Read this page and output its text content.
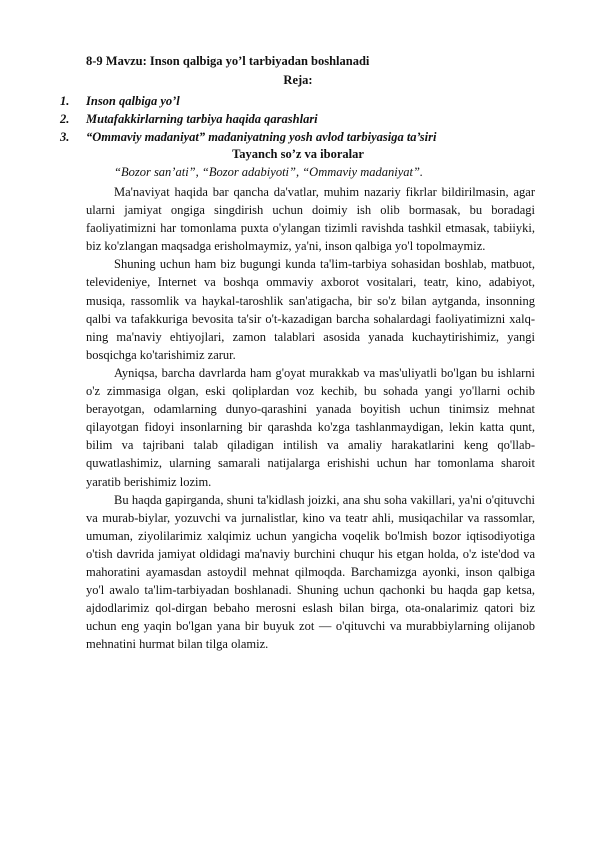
8-9 Mavzu: Inson qalbiga yo’l tarbiyadan boshlanadi
Reja:
1. Inson qalbiga yo’l
2. Mutafakkirlarning tarbiya haqida qarashlari
3. “Ommaviy madaniyat” madaniyatning yosh avlod tarbiyasiga ta’siri
Tayanch so’z va iboralar
“Bozor san’ati”, “Bozor adabiyoti”, “Ommaviy madaniyat”.

Ma'naviyat haqida bar qancha da'vatlar, muhim nazariy fikrlar bildirilmasin, agar ularni jamiyat ongiga singdirish uchun doimiy ish olib bormasak, bu boradagi faoliyatimizni har tomonlama puxta o'ylangan tizimli ravishda tashkil etmasak, tabiiyki, biz ko'zlangan maqsadga erisholmaymiz, ya'ni, inson qalbiga yo'l topolmaymiz.

Shuning uchun ham biz bugungi kunda ta'lim-tarbiya sohasidan boshlab, matbuot, televideniye, Internet va boshqa ommaviy axborot vositalari, teatr, kino, adabiyot, musiqa, rassomlik va haykal-taroshlik san'atigacha, bir so'z bilan aytganda, insonning qalbi va tafakkuriga bevosita ta'sir o't-kazadigan barcha sohalardagi faoliyatimizni xalq-ning ma'naviy ehtiyojlari, zamon talablari asosida yanada kuchaytirishimiz, yangi bosqichga ko'tarishimiz zarur.

Ayniqsa, barcha davrlarda ham g'oyat murakkab va mas'uliyatli bo'lgan bu ishlarni o'z zimmasiga olgan, eski qoliplardan voz kechib, bu sohada yangi yo'llarni ochib berayotgan, odamlarning dunyo-qarashini yanada boyitish uchun tinimsiz mehnat qilayotgan fidoyi insonlarning bir qarashda ko'zga tashlanmaydigan, lekin katta qunt, bilim va tajribani talab qiladigan intilish va amaliy harakatlarini keng qo'llab-quwatlashimiz, ularning samarali natijalarga erishishi uchun har tomonlama sharoit yaratib berishimiz lozim.

Bu haqda gapirganda, shuni ta'kidlash joizki, ana shu soha vakillari, ya'ni o'qituvchi va murab-biylar, yozuvchi va jurnalistlar, kino va teatr ahli, musiqachilar va rassomlar, umuman, ziyolilarimiz xalqimiz uchun yangicha voqelik bo'lmish bozor iqtisodiyotiga o'tish davrida jamiyat oldidagi ma'naviy burchini chuqur his etgan holda, o'z iste'dod va mahoratini ayamasdan astoydil mehnat qilmoqda. Barchamizga ayonki, inson qalbiga yo'l awalo ta'lim-tarbiyadan boshlanadi. Shuning uchun qachonki bu haqda gap ketsa, ajdodlarimiz qol-dirgan bebaho merosni eslash bilan birga, ota-onalarimiz qatori biz uchun eng yaqin bo'lgan yana bir buyuk zot — o'qituvchi va murabbiylarning olijanob mehnatini hurmat bilan tilga olamiz.
